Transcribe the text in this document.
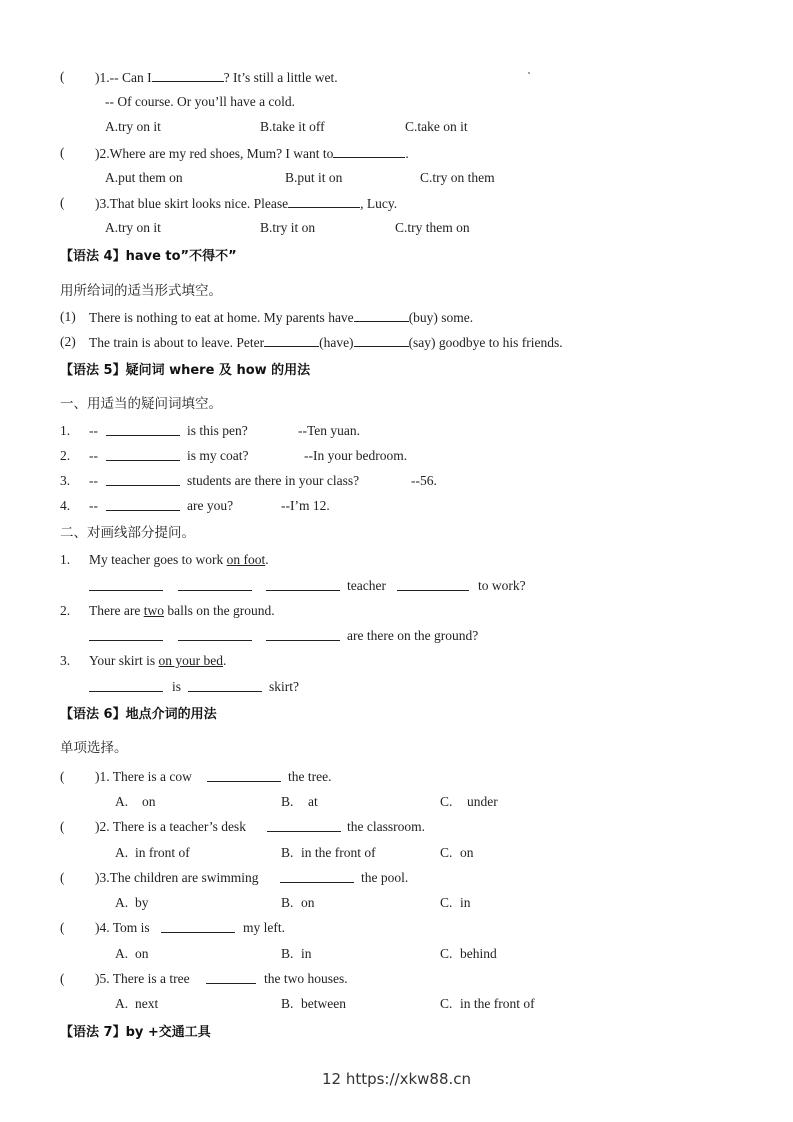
( )1.-- Can I	? It’s still a little wet.
-- Of course. Or you’ll have a cold.
A.try on it	B.take it off	C.take on it
( )2.Where are my red shoes, Mum? I want to	.
A.put them on	B.put it on	C.try on them
( )3.That blue skirt looks nice. Please	, Lucy.
A.try on it	B.try it on	C.try them on
【语法 4】have to”不得不”
用所给词的适当形式填空。
(1) There is nothing to eat at home. My parents have	(buy) some.
(2) The train is about to leave. Peter	(have)	(say) goodbye to his friends.
【语法 5】疑问词 where 及 how 的用法
一、用适当的疑问词填空。
1. --	is this pen?	--Ten yuan.
2. --	is my coat?	--In your bedroom.
3. --	students are there in your class?	--56.
4. --	are you?	--I’m 12.
二、对画线部分提问。
1. My teacher goes to work on foot.
teacher	to work?
2. There are two balls on the ground.
are there on the ground?
3. Your skirt is on your bed.
is	skirt?
【语法 6】地点介词的用法
单项选择。
( )1. There is a cow	the tree.
A. on	B. at	C. under
( )2. There is a teacher’s desk	the classroom.
A. in front of	B. in the front of	C. on
( )3.The children are swimming	the pool.
A. by	B. on	C. in
( )4. Tom is	my left.
A. on	B. in	C. behind
( )5. There is a tree	the two houses.
A. next	B. between	C. in the front of
【语法 7】by +交通工具
12 https://xkw88.cn
